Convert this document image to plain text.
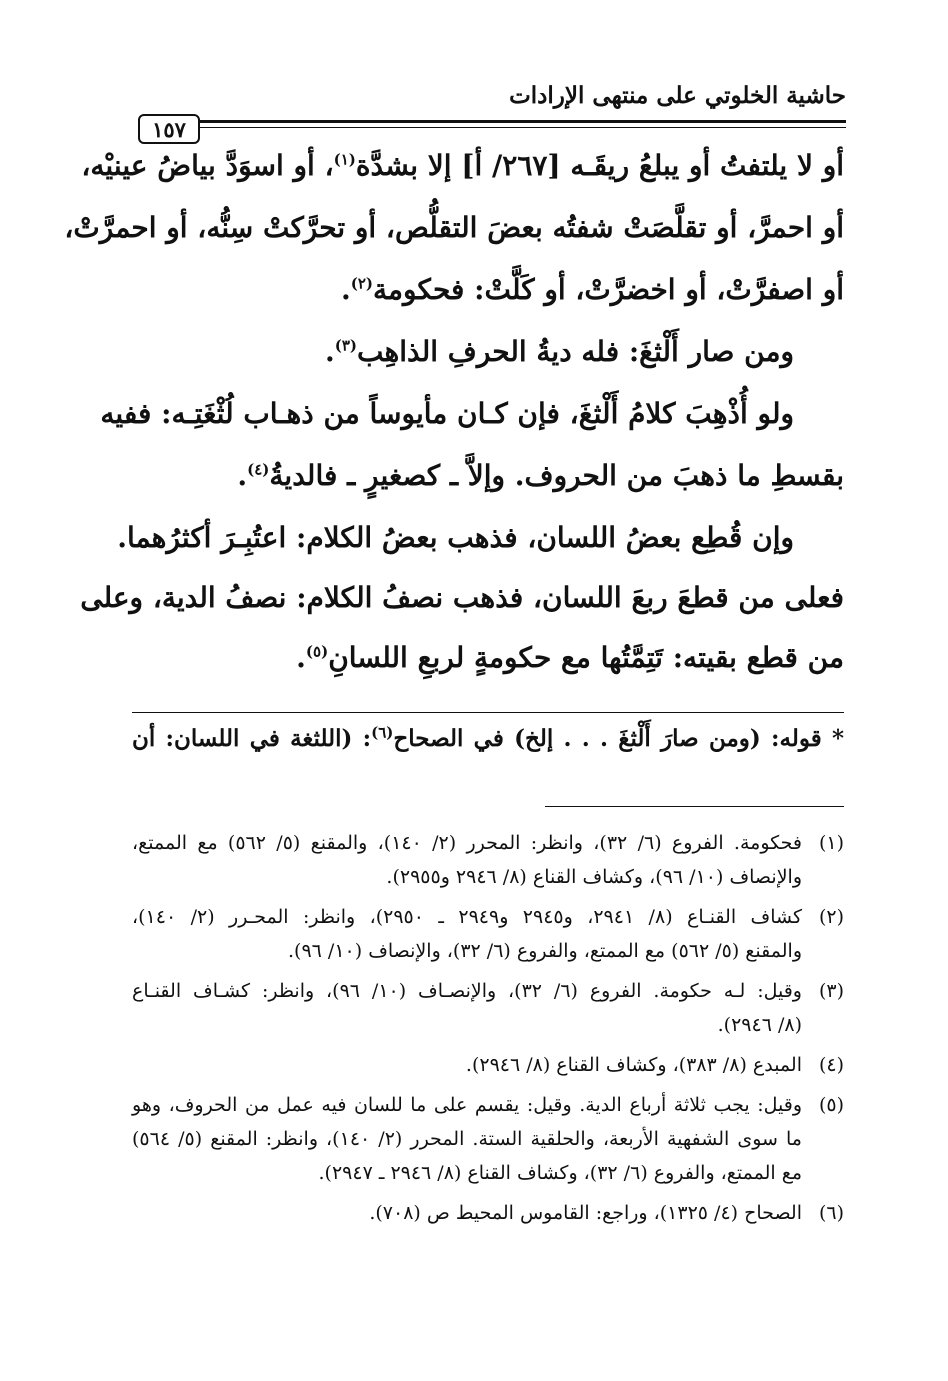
١٥٧
حاشية الخلوتي على منتهى الإرادات
أو لا يلتفتُ أو يبلعُ ريقَـه [٢٦٧/ أ] إلا بشدَّة$^{(١)}$، أو اسوَدَّ بياضُ عينيْه،
أو احمرَّ، أو تقلَّصَتْ شفتُه بعضَ التقلُّص، أو تحرَّكتْ سِنُّه، أو احمرَّتْ،
أو اصفرَّتْ، أو اخضرَّتْ، أو كَلَّتْ: فحكومة$^{(٢)}$.
ومن صار أَلْثغَ: فله ديةُ الحرفِ الذاهِب$^{(٣)}$.
ولو أُذْهِبَ كلامُ أَلْثغَ، فإن كـان مأيوساً من ذهـاب لُثْغَتِـه: ففيه
بقسطِ ما ذهبَ من الحروف. وإلاَّ ـ كصغيرٍ ـ فالديةُ$^{(٤)}$.
وإن قُطِع بعضُ اللسان، فذهب بعضُ الكلام: اعتُبِـرَ أكثرُهما.
فعلى من قطعَ ربعَ اللسان، فذهب نصفُ الكلام: نصفُ الدية، وعلى
من قطع بقيته: تَتِمَّتُها مع حكومةٍ لربعِ اللسانِ$^{(٥)}$.
* قوله: (ومن صارَ أَلْثغَ . . . إلخ) في الصحاح$^{(٦)}$: (اللثغة في اللسان: أن
(١)
فحكومة. الفروع (٦/ ٣٢)، وانظر: المحرر (٢/ ١٤٠)، والمقنع (٥/ ٥٦٢) مع الممتع،
والإنصاف (١٠/ ٩٦)، وكشاف القناع (٨/ ٢٩٤٦ و٢٩٥٥).
(٢)
كشاف القنـاع (٨/ ٢٩٤١، و٢٩٤٥ و٢٩٤٩ ـ ٢٩٥٠)، وانظر: المحـرر (٢/ ١٤٠)،
والمقنع (٥/ ٥٦٢) مع الممتع، والفروع (٦/ ٣٢)، والإنصاف (١٠/ ٩٦).
(٣)
وقيل: لـه حكومة. الفروع (٦/ ٣٢)، والإنصـاف (١٠/ ٩٦)، وانظر: كشـاف القنـاع
(٨/ ٢٩٤٦).
(٤)
المبدع (٨/ ٣٨٣)، وكشاف القناع (٨/ ٢٩٤٦).
(٥)
وقيل: يجب ثلاثة أرباع الدية. وقيل: يقسم على ما للسان فيه عمل من الحروف، وهو
ما سوى الشفهية الأربعة، والحلقية الستة. المحرر (٢/ ١٤٠)، وانظر: المقنع (٥/ ٥٦٤)
مع الممتع، والفروع (٦/ ٣٢)، وكشاف القناع (٨/ ٢٩٤٦ ـ ٢٩٤٧).
(٦)
الصحاح (٤/ ١٣٢٥)، وراجع: القاموس المحيط ص (٧٠٨).
